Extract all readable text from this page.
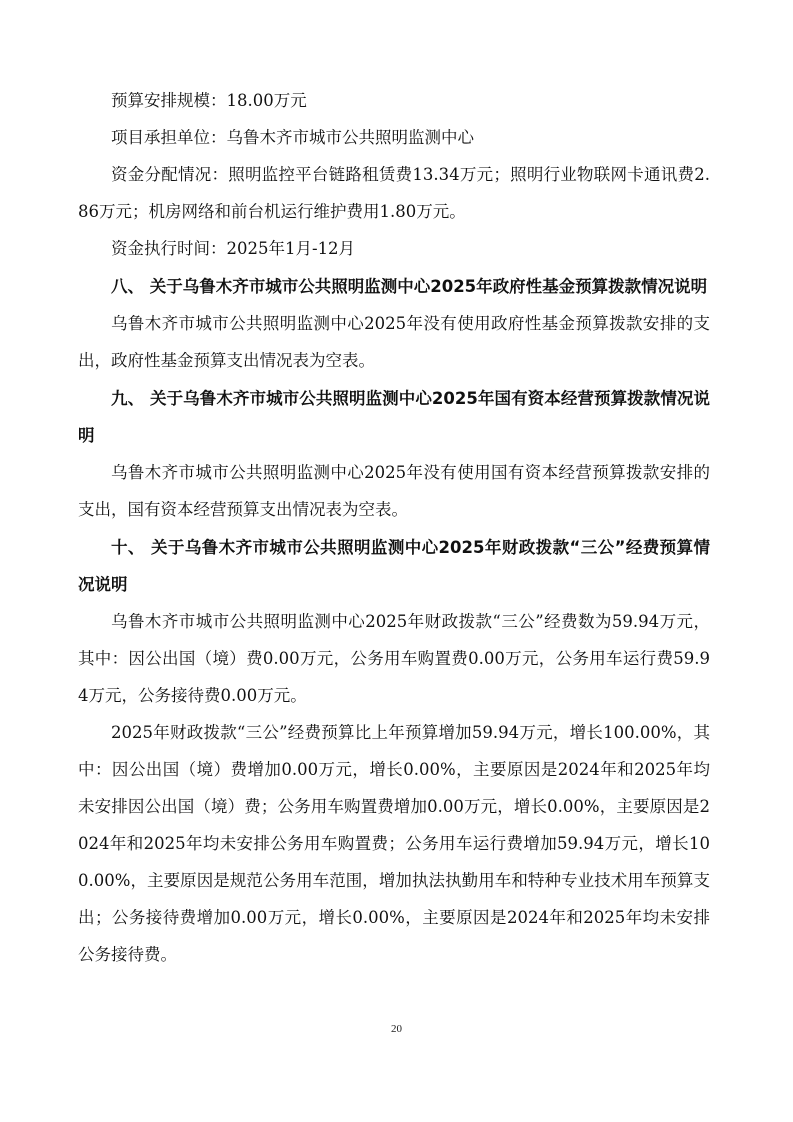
预算安排规模：18.00万元

项目承担单位：乌鲁木齐市城市公共照明监测中心

资金分配情况：照明监控平台链路租赁费13.34万元；照明行业物联网卡通讯费2.86万元；机房网络和前台机运行维护费用1.80万元。

资金执行时间：2025年1月-12月

八、 关于乌鲁木齐市城市公共照明监测中心2025年政府性基金预算拨款情况说明

乌鲁木齐市城市公共照明监测中心2025年没有使用政府性基金预算拨款安排的支出，政府性基金预算支出情况表为空表。

九、 关于乌鲁木齐市城市公共照明监测中心2025年国有资本经营预算拨款情况说明

乌鲁木齐市城市公共照明监测中心2025年没有使用国有资本经营预算拨款安排的支出，国有资本经营预算支出情况表为空表。

十、 关于乌鲁木齐市城市公共照明监测中心2025年财政拨款“三公”经费预算情况说明

乌鲁木齐市城市公共照明监测中心2025年财政拨款“三公”经费数为59.94万元，其中：因公出国（境）费0.00万元，公务用车购置费0.00万元，公务用车运行费59.94万元，公务接待费0.00万元。

2025年财政拨款“三公”经费预算比上年预算增加59.94万元，增长100.00%，其中：因公出国（境）费增加0.00万元，增长0.00%，主要原因是2024年和2025年均未安排因公出国（境）费；公务用车购置费增加0.00万元，增长0.00%，主要原因是2024年和2025年均未安排公务用车购置费；公务用车运行费增加59.94万元，增长100.00%，主要原因是规范公务用车范围，增加执法执勤用车和特种专业技术用车预算支出；公务接待费增加0.00万元，增长0.00%，主要原因是2024年和2025年均未安排公务接待费。

20
